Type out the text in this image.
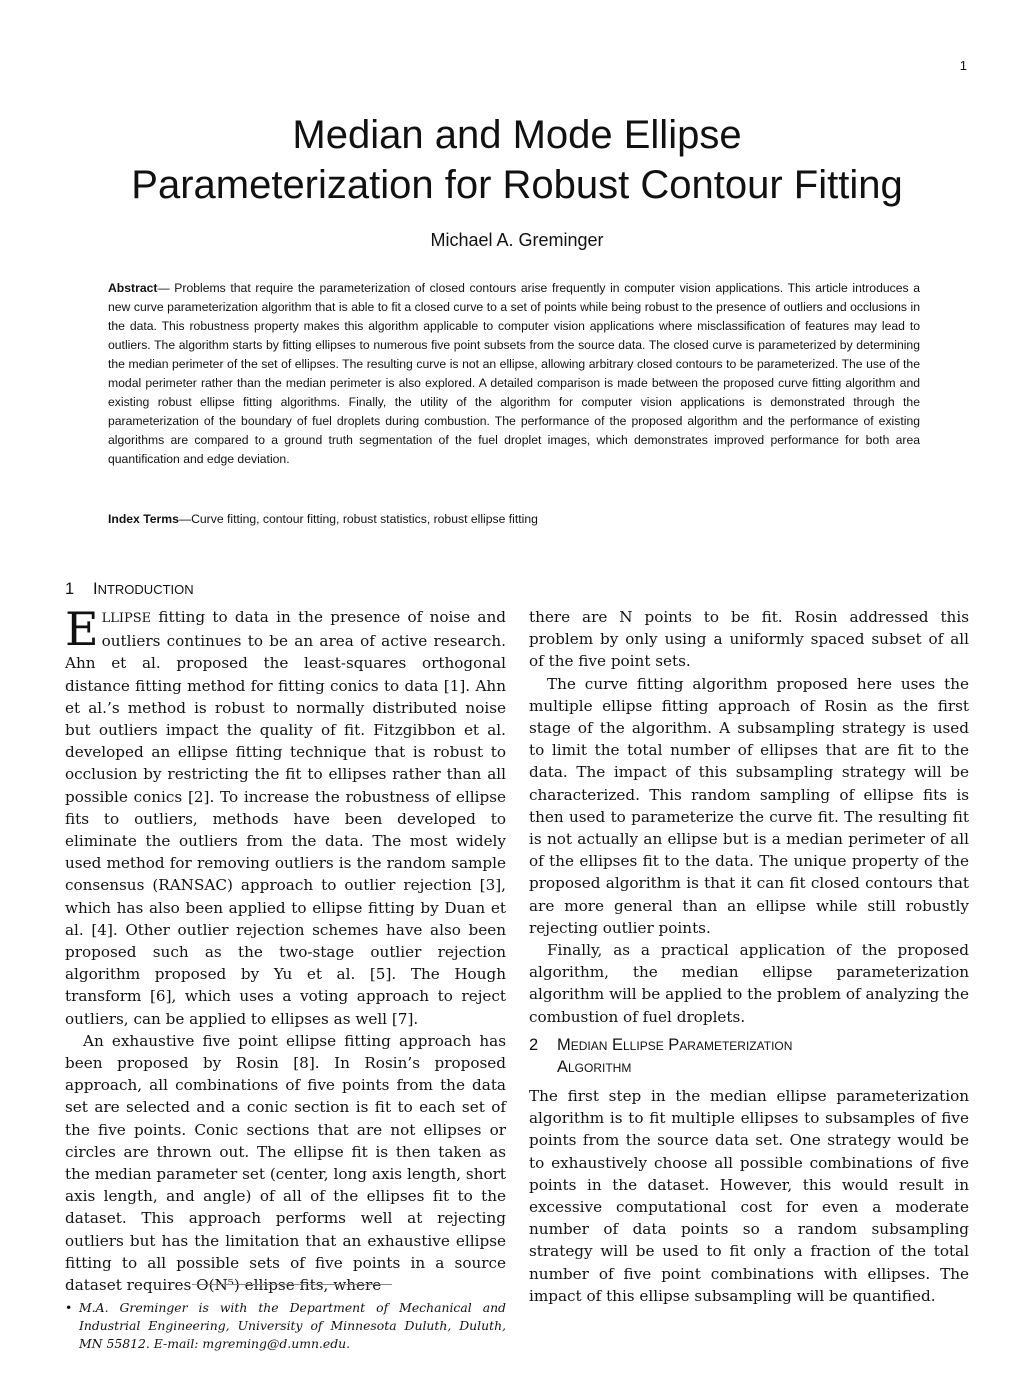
1
Median and Mode Ellipse
Parameterization for Robust Contour Fitting
Michael A. Greminger
Abstract— Problems that require the parameterization of closed contours arise frequently in computer vision applications. This article introduces a new curve parameterization algorithm that is able to fit a closed curve to a set of points while being robust to the presence of outliers and occlusions in the data. This robustness property makes this algorithm applicable to computer vision applications where misclassification of features may lead to outliers. The algorithm starts by fitting ellipses to numerous five point subsets from the source data. The closed curve is parameterized by determining the median perimeter of the set of ellipses. The resulting curve is not an ellipse, allowing arbitrary closed contours to be parameterized. The use of the modal perimeter rather than the median perimeter is also explored. A detailed comparison is made between the proposed curve fitting algorithm and existing robust ellipse fitting algorithms. Finally, the utility of the algorithm for computer vision applications is demonstrated through the parameterization of the boundary of fuel droplets during combustion. The performance of the proposed algorithm and the performance of existing algorithms are compared to a ground truth segmentation of the fuel droplet images, which demonstrates improved performance for both area quantification and edge deviation.
Index Terms—Curve fitting, contour fitting, robust statistics, robust ellipse fitting
1 INTRODUCTION

ELLIPSE fitting to data in the presence of noise and outliers continues to be an area of active research. Ahn et al. proposed the least-squares orthogonal distance fitting method for fitting conics to data [1]. Ahn et al.’s method is robust to normally distributed noise but outliers impact the quality of fit. Fitzgibbon et al. developed an ellipse fitting technique that is robust to occlusion by restricting the fit to ellipses rather than all possible conics [2]. To increase the robustness of ellipse fits to outliers, methods have been developed to eliminate the outliers from the data. The most widely used method for removing outliers is the random sample consensus (RANSAC) approach to outlier rejection [3], which has also been applied to ellipse fitting by Duan et al. [4]. Other outlier rejection schemes have also been proposed such as the two-stage outlier rejection algorithm proposed by Yu et al. [5]. The Hough transform [6], which uses a voting approach to reject outliers, can be applied to ellipses as well [7].

An exhaustive five point ellipse fitting approach has been proposed by Rosin [8]. In Rosin’s proposed approach, all combinations of five points from the data set are selected and a conic section is fit to each set of the five points. Conic sections that are not ellipses or circles are thrown out. The ellipse fit is then taken as the median parameter set (center, long axis length, short axis length, and angle) of all of the ellipses fit to the dataset. This approach performs well at rejecting outliers but has the limitation that an exhaustive ellipse fitting to all possible sets of five points in a source dataset requires O(N⁵) ellipse fits, where

there are N points to be fit. Rosin addressed this problem by only using a uniformly spaced subset of all of the five point sets.

The curve fitting algorithm proposed here uses the multiple ellipse fitting approach of Rosin as the first stage of the algorithm. A subsampling strategy is used to limit the total number of ellipses that are fit to the data. The impact of this subsampling strategy will be characterized. This random sampling of ellipse fits is then used to parameterize the curve fit. The resulting fit is not actually an ellipse but is a median perimeter of all of the ellipses fit to the data. The unique property of the proposed algorithm is that it can fit closed contours that are more general than an ellipse while still robustly rejecting outlier points.

Finally, as a practical application of the proposed algorithm, the median ellipse parameterization algorithm will be applied to the problem of analyzing the combustion of fuel droplets.

2 Median Ellipse Parameterization
Algorithm

The first step in the median ellipse parameterization algorithm is to fit multiple ellipses to subsamples of five points from the source data set. One strategy would be to exhaustively choose all possible combinations of five points in the dataset. However, this would result in excessive computational cost for even a moderate number of data points so a random subsampling strategy will be used to fit only a fraction of the total number of five point combinations with ellipses. The impact of this ellipse subsampling will be quantified.

• M.A. Greminger is with the Department of Mechanical and Industrial Engineering, University of Minnesota Duluth, Duluth, MN 55812. E-mail: mgreming@d.umn.edu.
